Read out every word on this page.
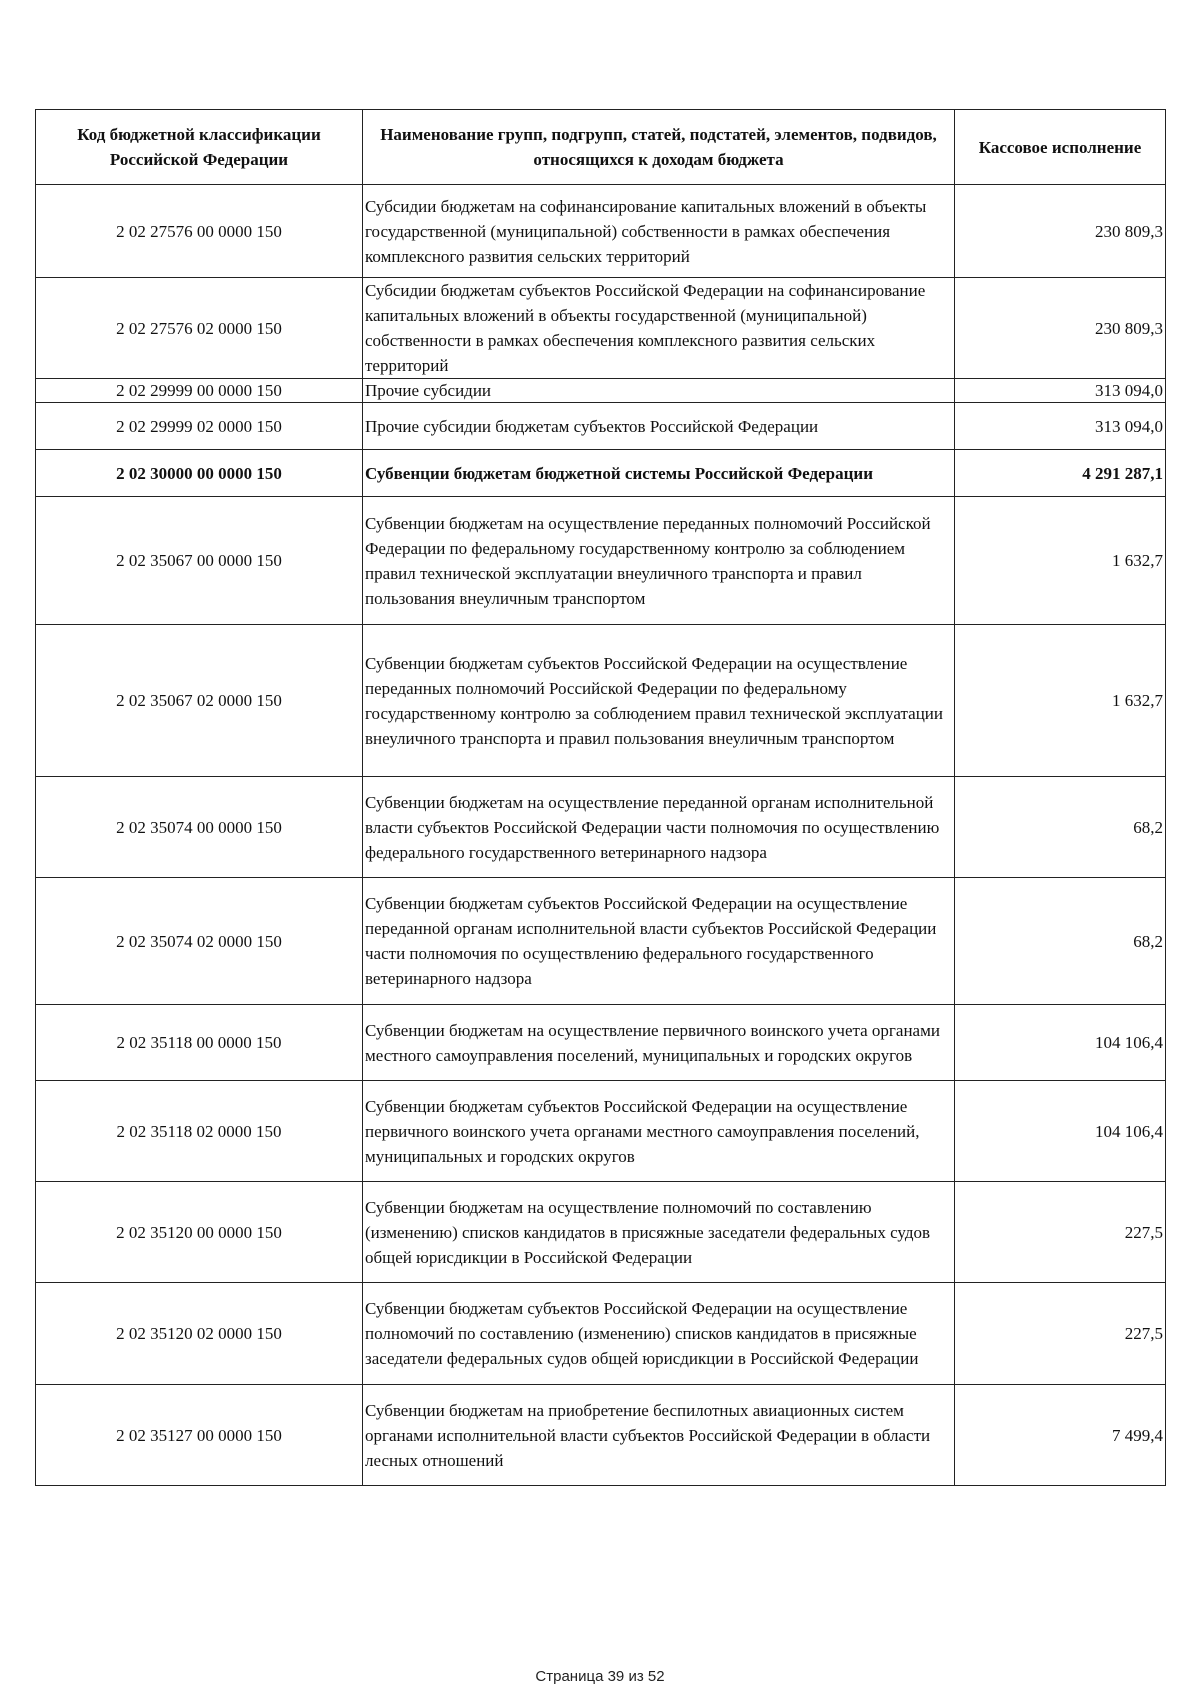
Код бюджетной классификации Российской Федерации	Наименование групп, подгрупп, статей, подстатей, элементов, подвидов, относящихся к доходам бюджета	Кассовое исполнение
2 02 27576 00 0000 150	Субсидии бюджетам на софинансирование капитальных вложений в объекты государственной (муниципальной) собственности в рамках обеспечения комплексного развития сельских территорий	230 809,3
2 02 27576 02 0000 150	Субсидии бюджетам субъектов Российской Федерации на софинансирование капитальных вложений в объекты государственной (муниципальной) собственности в рамках обеспечения комплексного развития сельских территорий	230 809,3
2 02 29999 00 0000 150	Прочие субсидии	313 094,0
2 02 29999 02 0000 150	Прочие субсидии бюджетам субъектов Российской Федерации	313 094,0
2 02 30000 00 0000 150	Субвенции бюджетам бюджетной системы Российской Федерации	4 291 287,1
2 02 35067 00 0000 150	Субвенции бюджетам на осуществление переданных полномочий Российской Федерации по федеральному государственному контролю за соблюдением правил технической эксплуатации внеуличного транспорта и правил пользования внеуличным транспортом	1 632,7
2 02 35067 02 0000 150	Субвенции бюджетам субъектов Российской Федерации на осуществление переданных полномочий Российской Федерации по федеральному государственному контролю за соблюдением правил технической эксплуатации внеуличного транспорта и правил пользования внеуличным транспортом	1 632,7
2 02 35074 00 0000 150	Субвенции бюджетам на осуществление переданной органам исполнительной власти субъектов Российской Федерации части полномочия по осуществлению федерального государственного ветеринарного надзора	68,2
2 02 35074 02 0000 150	Субвенции бюджетам субъектов Российской Федерации на осуществление переданной органам исполнительной власти субъектов Российской Федерации части полномочия по осуществлению федерального государственного ветеринарного надзора	68,2
2 02 35118 00 0000 150	Субвенции бюджетам на осуществление первичного воинского учета органами местного самоуправления поселений, муниципальных и городских округов	104 106,4
2 02 35118 02 0000 150	Субвенции бюджетам субъектов Российской Федерации на осуществление первичного воинского учета органами местного самоуправления поселений, муниципальных и городских округов	104 106,4
2 02 35120 00 0000 150	Субвенции бюджетам на осуществление полномочий по составлению (изменению) списков кандидатов в присяжные заседатели федеральных судов общей юрисдикции в Российской Федерации	227,5
2 02 35120 02 0000 150	Субвенции бюджетам субъектов Российской Федерации на осуществление полномочий по составлению (изменению) списков кандидатов в присяжные заседатели федеральных судов общей юрисдикции в Российской Федерации	227,5
2 02 35127 00 0000 150	Субвенции бюджетам на приобретение беспилотных авиационных систем органами исполнительной власти субъектов Российской Федерации в области лесных отношений	7 499,4
Страница 39 из 52
